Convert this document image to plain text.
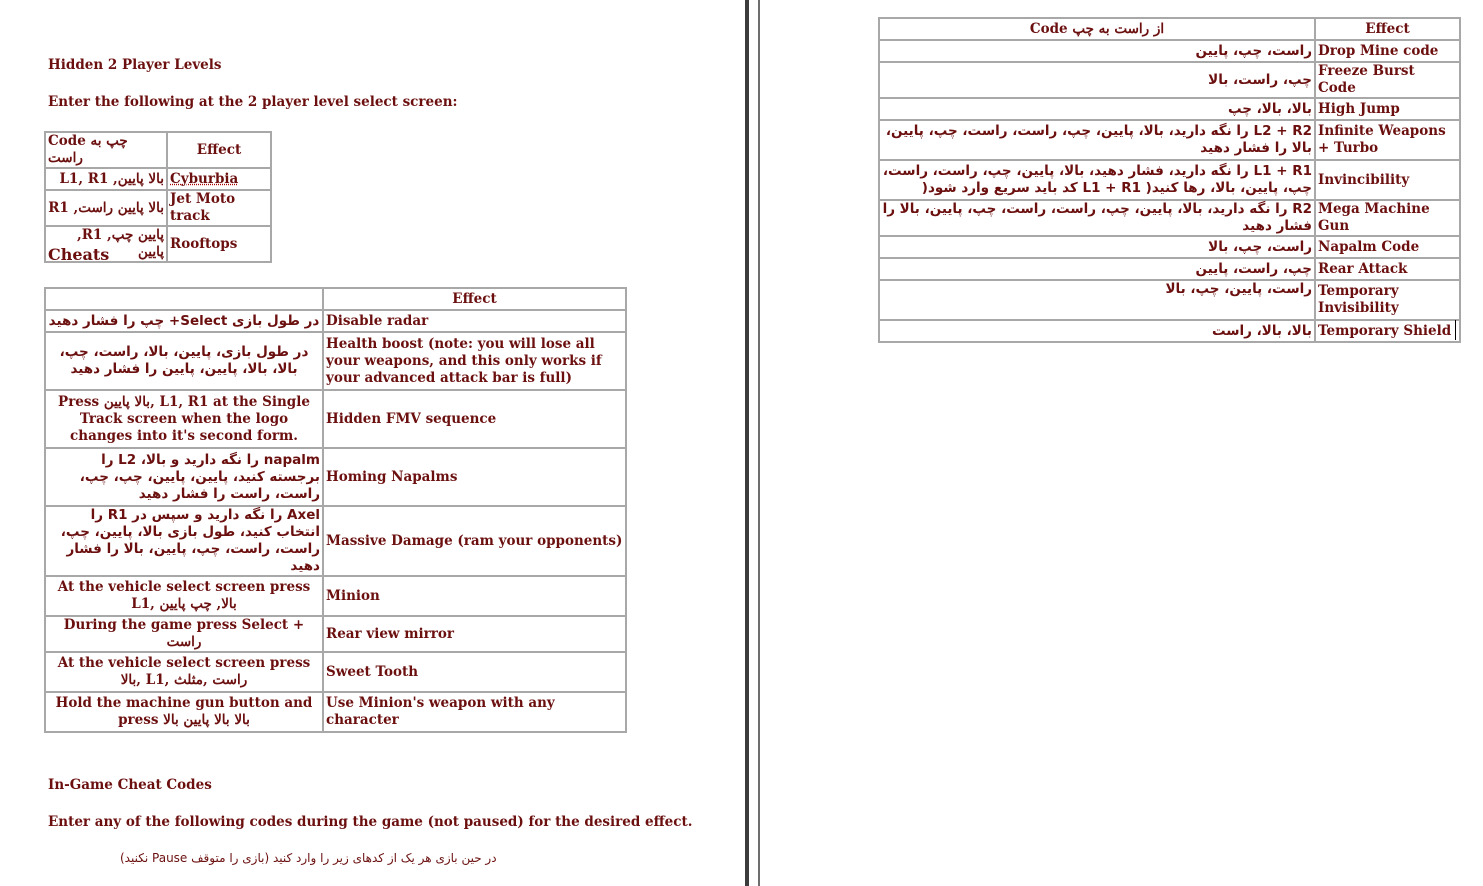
Hidden 2 Player Levels
Enter the following at the 2 player level select screen:
Code چپ به راست	Effect
بالا پایین, L1, R1	Cyburbia
بالا پایین راست, R1	Jet Moto track
پایین چپ, R1, پایین	Rooftops
Cheats
	Effect
در طول بازی Select+ چپ را فشار دهید	Disable radar
در طول بازی، پایین، بالا، راست، چپ، بالا، بالا، پایین، پایین را فشار دهید	Health boost (note: you will lose all your weapons, and this only works if your advanced attack bar is full)
Press بالا پایین, L1, R1 at the Single Track screen when the logo changes into it's second form.	Hidden FMV sequence
napalm را نگه دارید و بالا، L2 را برجسته کنید، پایین، پایین، چپ، چپ، راست، راست را فشار دهید	Homing Napalms
Axel را نگه دارید و سپس در R1 را انتخاب کنید، طول بازی بالا، پایین، چپ، راست، راست، چپ، پایین، بالا را فشار دهید	Massive Damage (ram your opponents)
At the vehicle select screen press L1, بالا, چپ پایین	Minion
During the game press Select + راست	Rear view mirror
At the vehicle select screen press بالا, L1, راست ,مثلث	Sweet Tooth
Hold the machine gun button and press بالا بالا پایین بالا	Use Minion's weapon with any character
In-Game Cheat Codes
Enter any of the following codes during the game (not paused) for the desired effect.
در حین بازی هر یک از کدهای زیر را وارد کنید (بازی را متوقف Pause نکنید)
Code از راست به چپ	Effect
راست، چپ، پایین	Drop Mine code
چپ، راست، بالا	Freeze Burst Code
بالا، بالا، چپ	High Jump
L2 + R2 را نگه دارید، بالا، پایین، چپ، راست، راست، چپ، پایین، بالا را فشار دهید	Infinite Weapons + Turbo
L1 + R1 را نگه دارید، فشار دهید، بالا، پایین، چپ، راست، راست، چپ، پایین، بالا، رها کنید( L1 + R1 کد باید سریع وارد شود(	Invincibility
R2 را نگه دارید، بالا، پایین، چپ، راست، راست، چپ، پایین، بالا را فشار دهید	Mega Machine Gun
راست، چپ، بالا	Napalm Code
چپ، راست، پایین	Rear Attack
راست، پایین، چپ، بالا	Temporary Invisibility
بالا، بالا، راست	Temporary Shield
